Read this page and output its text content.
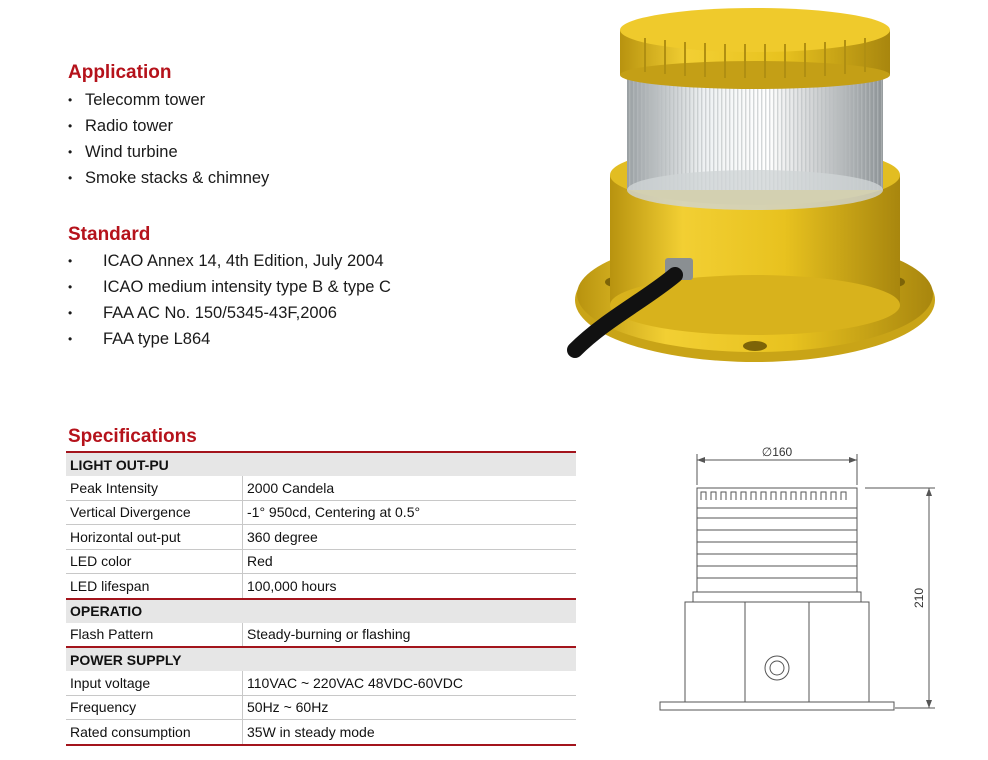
Application
• Telecomm tower
• Radio tower
• Wind turbine
• Smoke stacks & chimney
Standard
• ICAO Annex 14, 4th Edition, July 2004
• ICAO medium intensity type B & type C
• FAA AC No. 150/5345-43F,2006
• FAA type L864
Specifications
LIGHT OUT-PU	
Peak Intensity	2000 Candela
Vertical Divergence	-1° 950cd, Centering at 0.5°
Horizontal out-put	360 degree
LED color	Red
LED lifespan	100,000 hours
OPERATIO	
Flash Pattern	Steady-burning or flashing
POWER SUPPLY	
Input voltage	110VAC ~ 220VAC 48VDC-60VDC
Frequency	50Hz ~ 60Hz
Rated consumption	35W in steady mode
∅160
210
